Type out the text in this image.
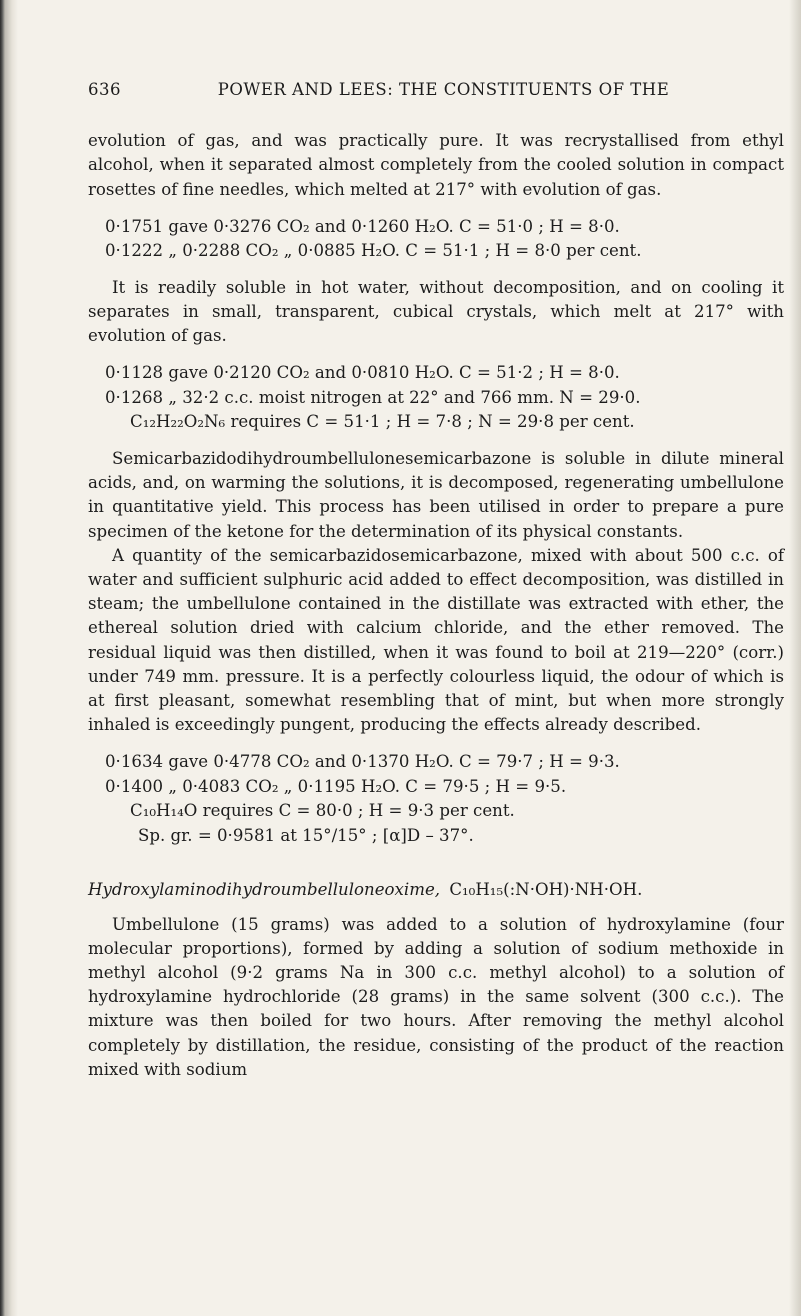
636	POWER AND LEES: THE CONSTITUENTS OF THE

evolution of gas, and was practically pure. It was recrystallised from ethyl alcohol, when it separated almost completely from the cooled solution in compact rosettes of fine needles, which melted at 217° with evolution of gas.

0·1751 gave 0·3276 CO₂ and 0·1260 H₂O. C = 51·0 ; H = 8·0.
0·1222 „ 0·2288 CO₂ „ 0·0885 H₂O. C = 51·1 ; H = 8·0 per cent.

It is readily soluble in hot water, without decomposition, and on cooling it separates in small, transparent, cubical crystals, which melt at 217° with evolution of gas.

0·1128 gave 0·2120 CO₂ and 0·0810 H₂O. C = 51·2 ; H = 8·0.
0·1268 „ 32·2 c.c. moist nitrogen at 22° and 766 mm. N = 29·0.
C₁₂H₂₂O₂N₆ requires C = 51·1 ; H = 7·8 ; N = 29·8 per cent.

Semicarbazidodihydroumbellulonesemicarbazone is soluble in dilute mineral acids, and, on warming the solutions, it is decomposed, regenerating umbellulone in quantitative yield. This process has been utilised in order to prepare a pure specimen of the ketone for the determination of its physical constants.

A quantity of the semicarbazidosemicarbazone, mixed with about 500 c.c. of water and sufficient sulphuric acid added to effect decomposition, was distilled in steam; the umbellulone contained in the distillate was extracted with ether, the ethereal solution dried with calcium chloride, and the ether removed. The residual liquid was then distilled, when it was found to boil at 219—220° (corr.) under 749 mm. pressure. It is a perfectly colourless liquid, the odour of which is at first pleasant, somewhat resembling that of mint, but when more strongly inhaled is exceedingly pungent, producing the effects already described.

0·1634 gave 0·4778 CO₂ and 0·1370 H₂O. C = 79·7 ; H = 9·3.
0·1400 „ 0·4083 CO₂ „ 0·1195 H₂O. C = 79·5 ; H = 9·5.
C₁₀H₁₄O requires C = 80·0 ; H = 9·3 per cent.
Sp. gr. = 0·9581 at 15°/15° ; [α]D – 37°.
Hydroxylaminodihydroumbelluloneoxime, C₁₀H₁₅(:N·OH)·NH·OH.

Umbellulone (15 grams) was added to a solution of hydroxylamine (four molecular proportions), formed by adding a solution of sodium methoxide in methyl alcohol (9·2 grams Na in 300 c.c. methyl alcohol) to a solution of hydroxylamine hydrochloride (28 grams) in the same solvent (300 c.c.). The mixture was then boiled for two hours. After removing the methyl alcohol completely by distillation, the residue, consisting of the product of the reaction mixed with sodium
